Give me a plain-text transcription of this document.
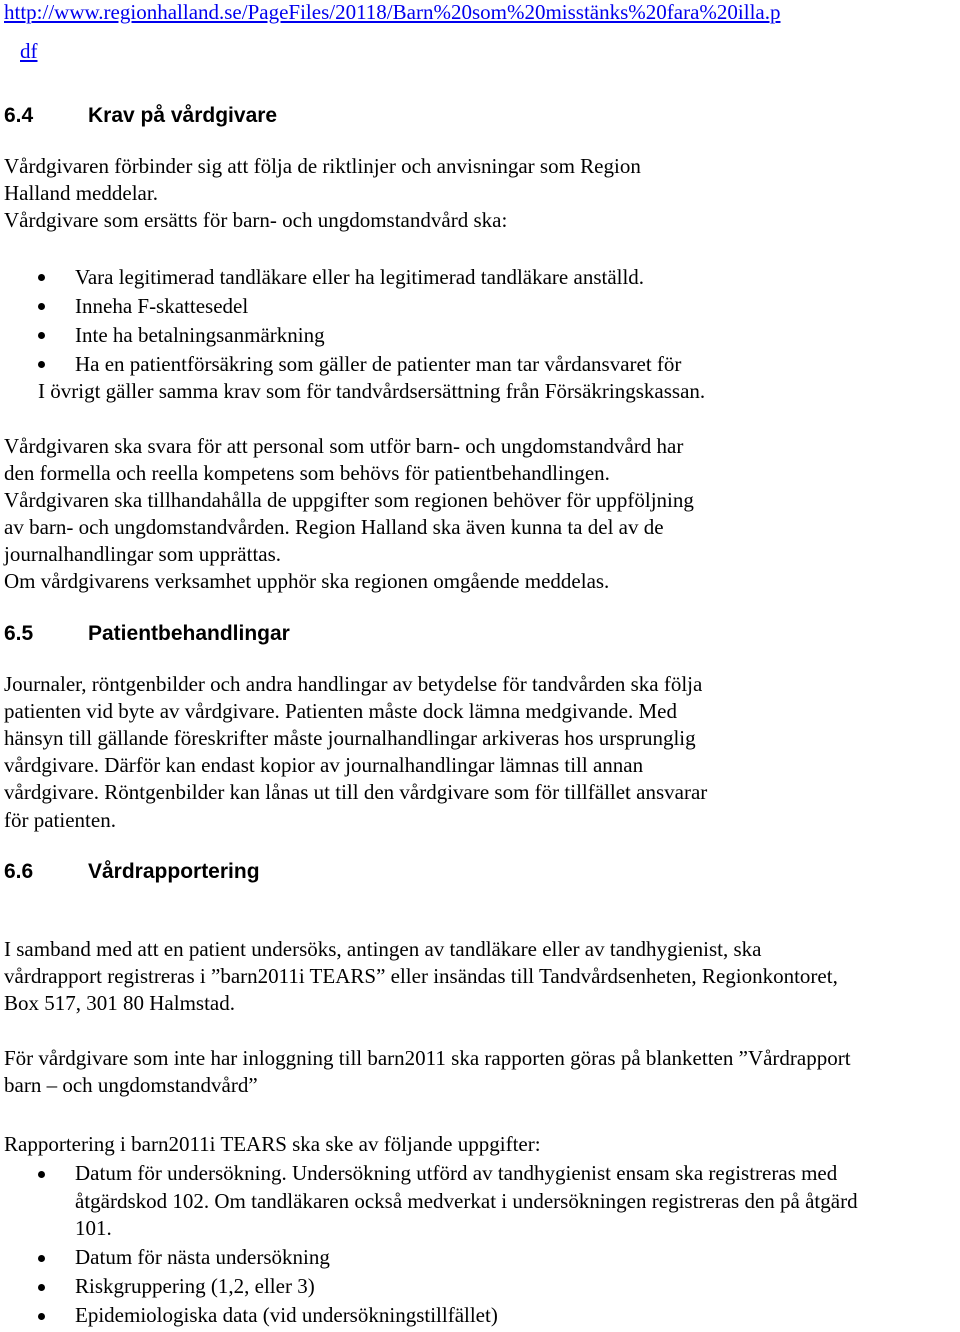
http://www.regionhalland.se/PageFiles/20118/Barn%20som%20misstänks%20fara%20illa.p
df
6.4	Krav på vårdgivare
Vårdgivaren förbinder sig att följa de riktlinjer och anvisningar som Region
Halland meddelar.
Vårdgivare som ersätts för barn- och ungdomstandvård ska:
Vara legitimerad tandläkare eller ha legitimerad tandläkare anställd.
Inneha F-skattesedel
Inte ha betalningsanmärkning
Ha en patientförsäkring som gäller de patienter man tar vårdansvaret för
I övrigt gäller samma krav som för tandvårdsersättning från Försäkringskassan.
Vårdgivaren ska svara för att personal som utför barn- och ungdomstandvård har
den formella och reella kompetens som behövs för patientbehandlingen.
Vårdgivaren ska tillhandahålla de uppgifter som regionen behöver för uppföljning
av barn- och ungdomstandvården. Region Halland ska även kunna ta del av de
journalhandlingar som upprättas.
Om vårdgivarens verksamhet upphör ska regionen omgående meddelas.
6.5	Patientbehandlingar
Journaler, röntgenbilder och andra handlingar av betydelse för tandvården ska följa
patienten vid byte av vårdgivare. Patienten måste dock lämna medgivande. Med
hänsyn till gällande föreskrifter måste journalhandlingar arkiveras hos ursprunglig
vårdgivare. Därför kan endast kopior av journalhandlingar lämnas till annan
vårdgivare. Röntgenbilder kan lånas ut till den vårdgivare som för tillfället ansvarar
för patienten.
6.6	Vårdrapportering
I samband med att en patient undersöks, antingen av tandläkare eller av tandhygienist, ska
vårdrapport registreras i ”barn2011i TEARS” eller insändas till Tandvårdsenheten, Regionkontoret,
Box 517, 301 80 Halmstad.
För vårdgivare som inte har inloggning till barn2011 ska rapporten göras på blanketten ”Vårdrapport
barn – och ungdomstandvård”
Rapportering i barn2011i TEARS ska ske av följande uppgifter:
Datum för undersökning. Undersökning utförd av tandhygienist ensam ska registreras med
åtgärdskod 102. Om tandläkaren också medverkat i undersökningen registreras den på åtgärd
101.
Datum för nästa undersökning
Riskgruppering (1,2, eller 3)
Epidemiologiska data (vid undersökningstillfället)
